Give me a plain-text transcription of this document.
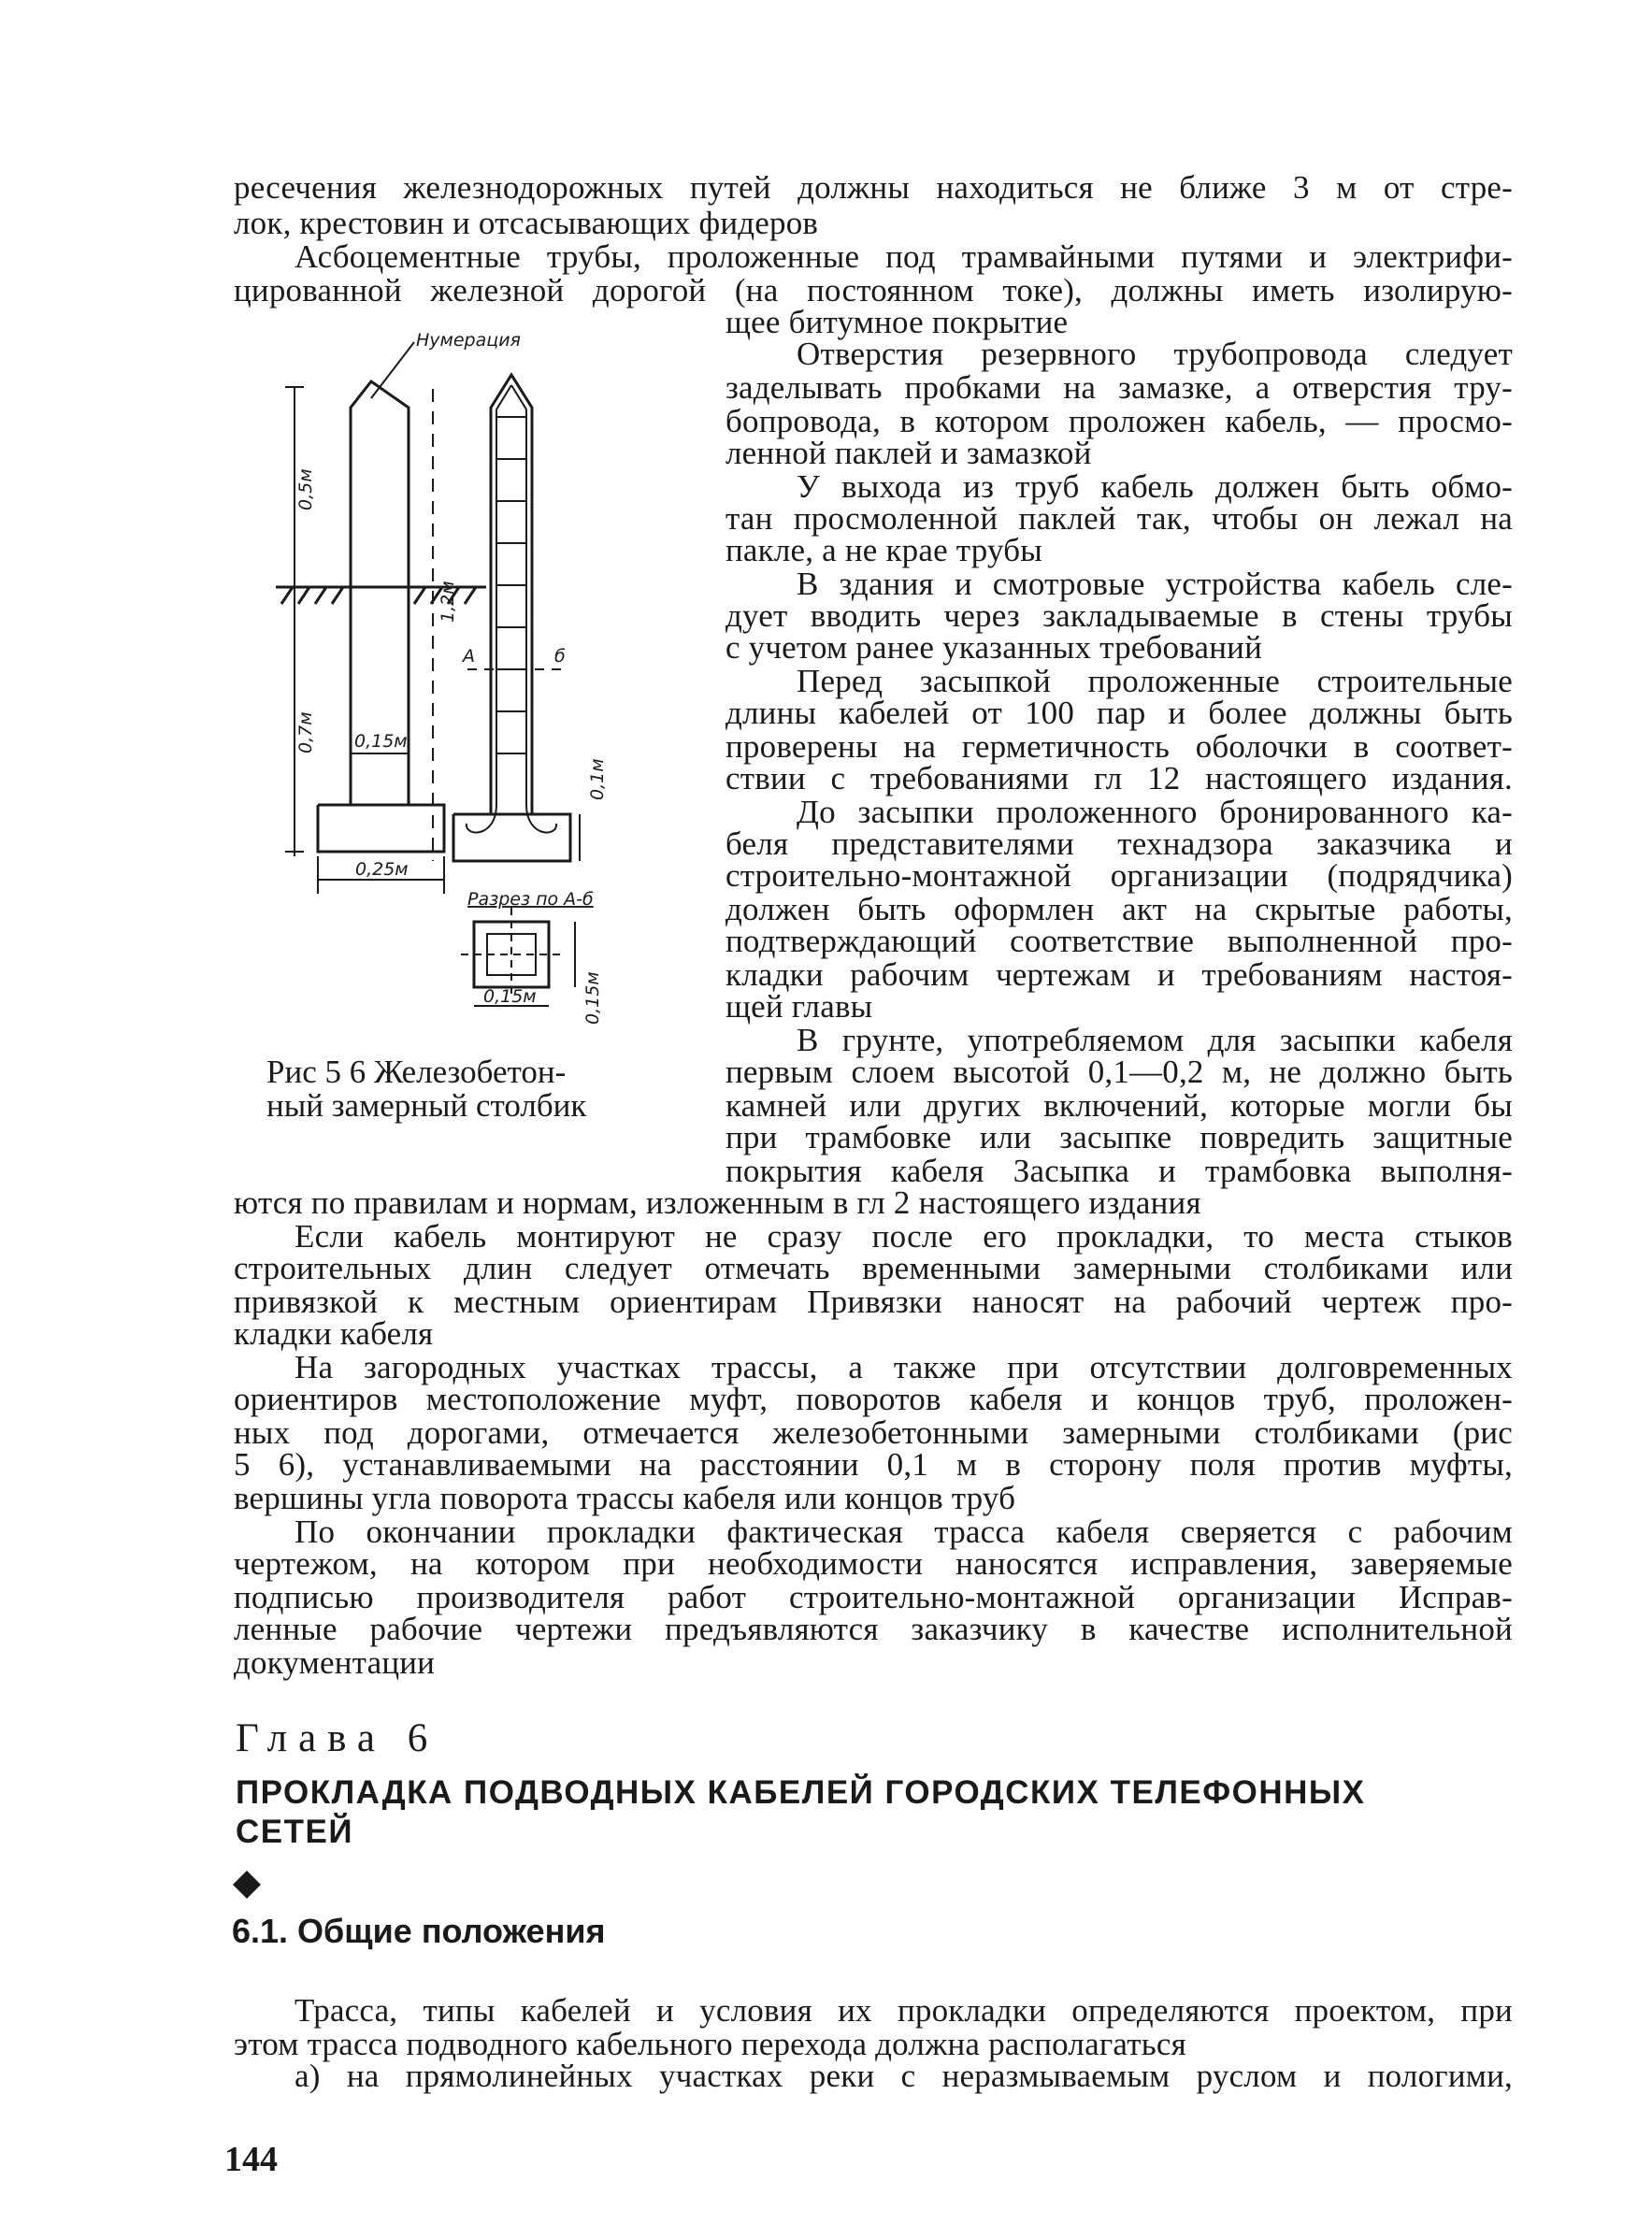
ресечения железнодорожных путей должны находиться не ближе 3 м от стре-
лок, крестовин и отсасывающих фидеров
Асбоцементные трубы, проложенные под трамвайными путями и электрифи-
цированной железной дорогой (на постоянном токе), должны иметь изолирую-
щее битумное покрытие
Отверстия резервного трубопровода следует
заделывать пробками на замазке, а отверстия тру-
бопровода, в котором проложен кабель, — просмо-
ленной паклей и замазкой
У выхода из труб кабель должен быть обмо-
тан просмоленной паклей так, чтобы он лежал на
пакле, а не крае трубы
В здания и смотровые устройства кабель сле-
дует вводить через закладываемые в стены трубы
с учетом ранее указанных требований
Перед засыпкой проложенные строительные
длины кабелей от 100 пар и более должны быть
проверены на герметичность оболочки в соответ-
ствии с требованиями гл 12 настоящего издания.
До засыпки проложенного бронированного ка-
беля представителями технадзора заказчика и
строительно-монтажной организации (подрядчика)
должен быть оформлен акт на скрытые работы,
подтверждающий соответствие выполненной про-
кладки рабочим чертежам и требованиям настоя-
щей главы
В грунте, употребляемом для засыпки кабеля
первым слоем высотой 0,1—0,2 м, не должно быть
камней или других включений, которые могли бы
при трамбовке или засыпке повредить защитные
покрытия кабеля Засыпка и трамбовка выполня-
ются по правилам и нормам, изложенным в гл 2 настоящего издания
Нумерация
0,5м
1,2м
0,7м 0,15м
0,25м
0,1м
А	б
Разрез по А-б
0,15м	0,15м
Рис 5 6 Железобетон-
ный замерный столбик
Если кабель монтируют не сразу после его прокладки, то места стыков
строительных длин следует отмечать временными замерными столбиками или
привязкой к местным ориентирам Привязки наносят на рабочий чертеж про-
кладки кабеля
На загородных участках трассы, а также при отсутствии долговременных
ориентиров местоположение муфт, поворотов кабеля и концов труб, проложен-
ных под дорогами, отмечается железобетонными замерными столбиками (рис
5 6), устанавливаемыми на расстоянии 0,1 м в сторону поля против муфты,
вершины угла поворота трассы кабеля или концов труб
По окончании прокладки фактическая трасса кабеля сверяется с рабочим
чертежом, на котором при необходимости наносятся исправления, заверяемые
подписью производителя работ строительно-монтажной организации Исправ-
ленные рабочие чертежи предъявляются заказчику в качестве исполнительной
документации
Глава 6
ПРОКЛАДКА ПОДВОДНЫХ КАБЕЛЕЙ ГОРОДСКИХ ТЕЛЕФОННЫХ
СЕТЕЙ
6.1. Общие положения
Трасса, типы кабелей и условия их прокладки определяются проектом, при
этом трасса подводного кабельного перехода должна располагаться
а) на прямолинейных участках реки с неразмываемым руслом и пологими,
144
